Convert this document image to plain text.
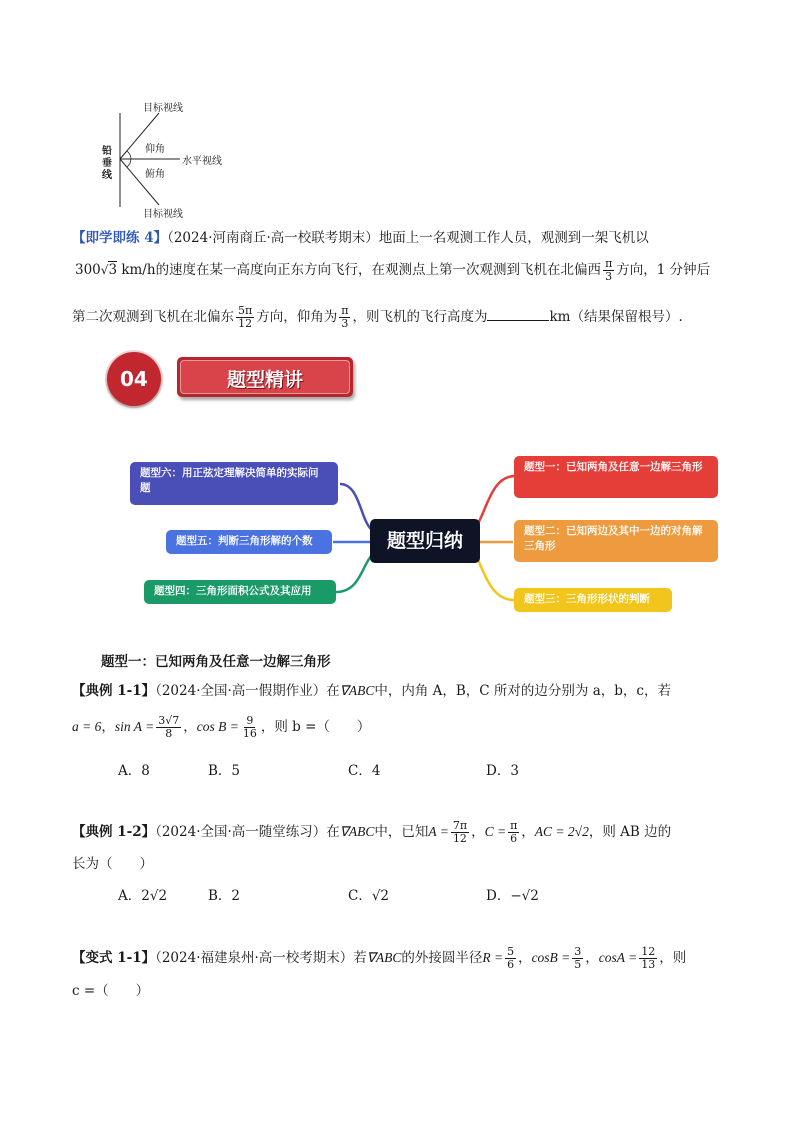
目标视线
仰角
水平视线
俯角
目标视线
铅
垂
线
【即学即练 4】（2024·河南商丘·高一校联考期末）地面上一名观测工作人员，观测到一架飞机以
300√3 km/h的速度在某一高度向正东方向飞行，在观测点上第一次观测到飞机在北偏西 $\frac{\pi}{3}$ 方向，1 分钟后
第二次观测到飞机在北偏东 $\frac{5\pi}{12}$ 方向，仰角为 $\frac{\pi}{3}$ ，则飞机的飞行高度为	km（结果保留根号）.
题型精讲
04
题型六：用正弦定理解决简单的实际问题
题型五：判断三角形解的个数
题型四：三角形面积公式及其应用
题型归纳
题型一：已知两角及任意一边解三角形
题型二：已知两边及其中一边的对角解三角形
题型三：三角形形状的判断
题型一：已知两角及任意一边解三角形
【典例 1-1】（2024·全国·高一假期作业）在∇ABC中，内角 A，B，C 所对的边分别为 a，b，c，若
a = 6，$\sin A = \frac{3√7}{8}$ ，$\cos B = \frac{9}{16}$ ，则 b =（　　）
A．8	B．5	C．4	D．3
【典例 1-2】（2024·全国·高一随堂练习）在∇ABC中，已知$A = \frac{7\pi}{12}$ ，$C = \frac{\pi}{6}$ ，AC = 2√2，则 AB 边的
长为（　　）
A．2√2	B．2	C．√2	D．−√2
【变式 1-1】（2024·福建泉州·高一校考期末）若∇ABC的外接圆半径$R = \frac{5}{6}$ ，$\cos B = \frac{3}{5}$ ，$\cos A = \frac{12}{13}$ ，则
c =（　　）
